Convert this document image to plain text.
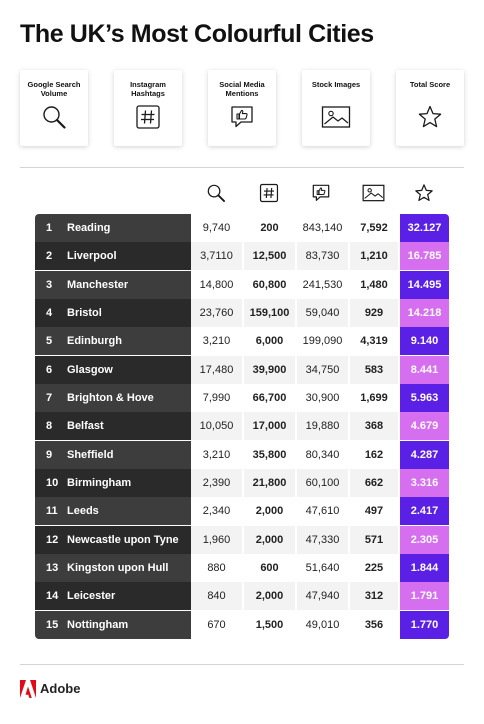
The UK’s Most Colourful Cities
Google Search Volume
Instagram Hashtags
Social Media Mentions
Stock Images	Total Score
1 Reading	9,740	200	843,140	7,592	32.127
2 Liverpool	3,7110	12,500	83,730	1,210	16.785
3 Manchester	14,800	60,800	241,530	1,480	14.495
4 Bristol	23,760	159,100	59,040	929	14.218
5 Edinburgh	3,210	6,000	199,090	4,319	9.140
6 Glasgow	17,480	39,900	34,750	583	8.441
7 Brighton & Hove	7,990	66,700	30,900	1,699	5.963
8 Belfast	10,050	17,000	19,880	368	4.679
9 Sheffield	3,210	35,800	80,340	162	4.287
10 Birmingham	2,390	21,800	60,100	662	3.316
11 Leeds	2,340	2,000	47,610	497	2.417
12 Newcastle upon Tyne	1,960	2,000	47,330	571	2.305
13 Kingston upon Hull	880	600	51,640	225	1.844
14 Leicester	840	2,000	47,940	312	1.791
15 Nottingham	670	1,500	49,010	356	1.770
Adobe
